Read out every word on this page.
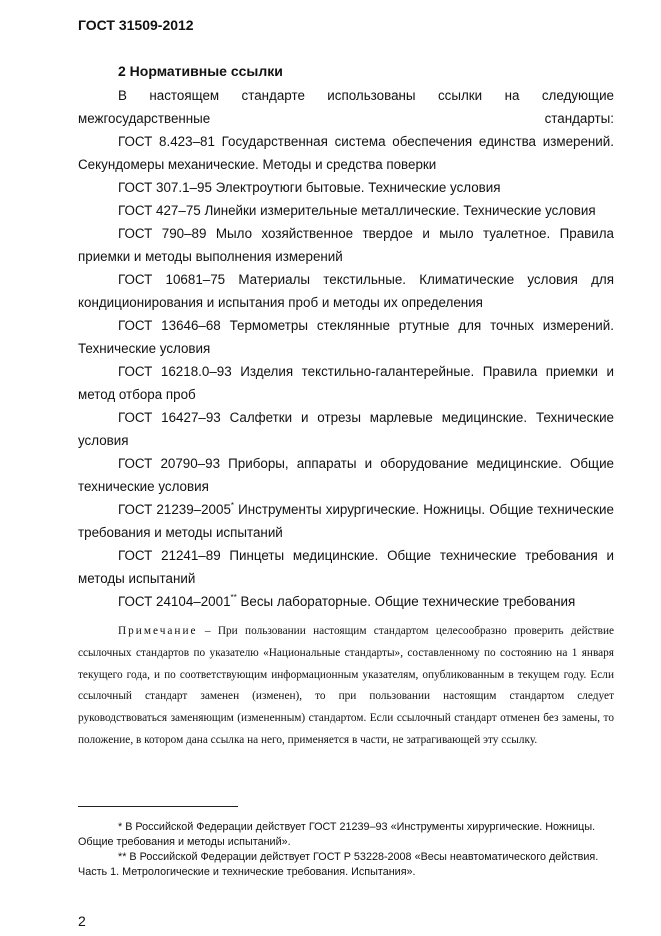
ГОСТ 31509-2012
2 Нормативные ссылки

В настоящем стандарте использованы ссылки на следующие межгосударственные стандарты:

ГОСТ 8.423–81 Государственная система обеспечения единства измерений. Секундомеры механические. Методы и средства поверки

ГОСТ 307.1–95 Электроутюги бытовые. Технические условия

ГОСТ 427–75 Линейки измерительные металлические. Технические условия

ГОСТ 790–89 Мыло хозяйственное твердое и мыло туалетное. Правила приемки и методы выполнения измерений

ГОСТ 10681–75 Материалы текстильные. Климатические условия для кондиционирования и испытания проб и методы их определения

ГОСТ 13646–68 Термометры стеклянные ртутные для точных измерений. Технические условия

ГОСТ 16218.0–93 Изделия текстильно-галантерейные. Правила приемки и метод отбора проб

ГОСТ 16427–93 Салфетки и отрезы марлевые медицинские. Технические условия

ГОСТ 20790–93 Приборы, аппараты и оборудование медицинские. Общие технические условия

ГОСТ 21239–2005* Инструменты хирургические. Ножницы. Общие технические требования и методы испытаний

ГОСТ 21241–89 Пинцеты медицинские. Общие технические требования и методы испытаний

ГОСТ 24104–2001** Весы лабораторные. Общие технические требования

Примечание – При пользовании настоящим стандартом целесообразно проверить действие ссылочных стандартов по указателю «Национальные стандарты», составленному по состоянию на 1 января текущего года, и по соответствующим информационным указателям, опубликованным в текущем году. Если ссылочный стандарт заменен (изменен), то при пользовании настоящим стандартом следует руководствоваться заменяющим (измененным) стандартом. Если ссылочный стандарт отменен без замены, то положение, в котором дана ссылка на него, применяется в части, не затрагивающей эту ссылку.

* В Российской Федерации действует ГОСТ 21239–93 «Инструменты хирургические. Ножницы. Общие требования и методы испытаний».

** В Российской Федерации действует ГОСТ Р 53228-2008 «Весы неавтоматического действия. Часть 1. Метрологические и технические требования. Испытания».

2
